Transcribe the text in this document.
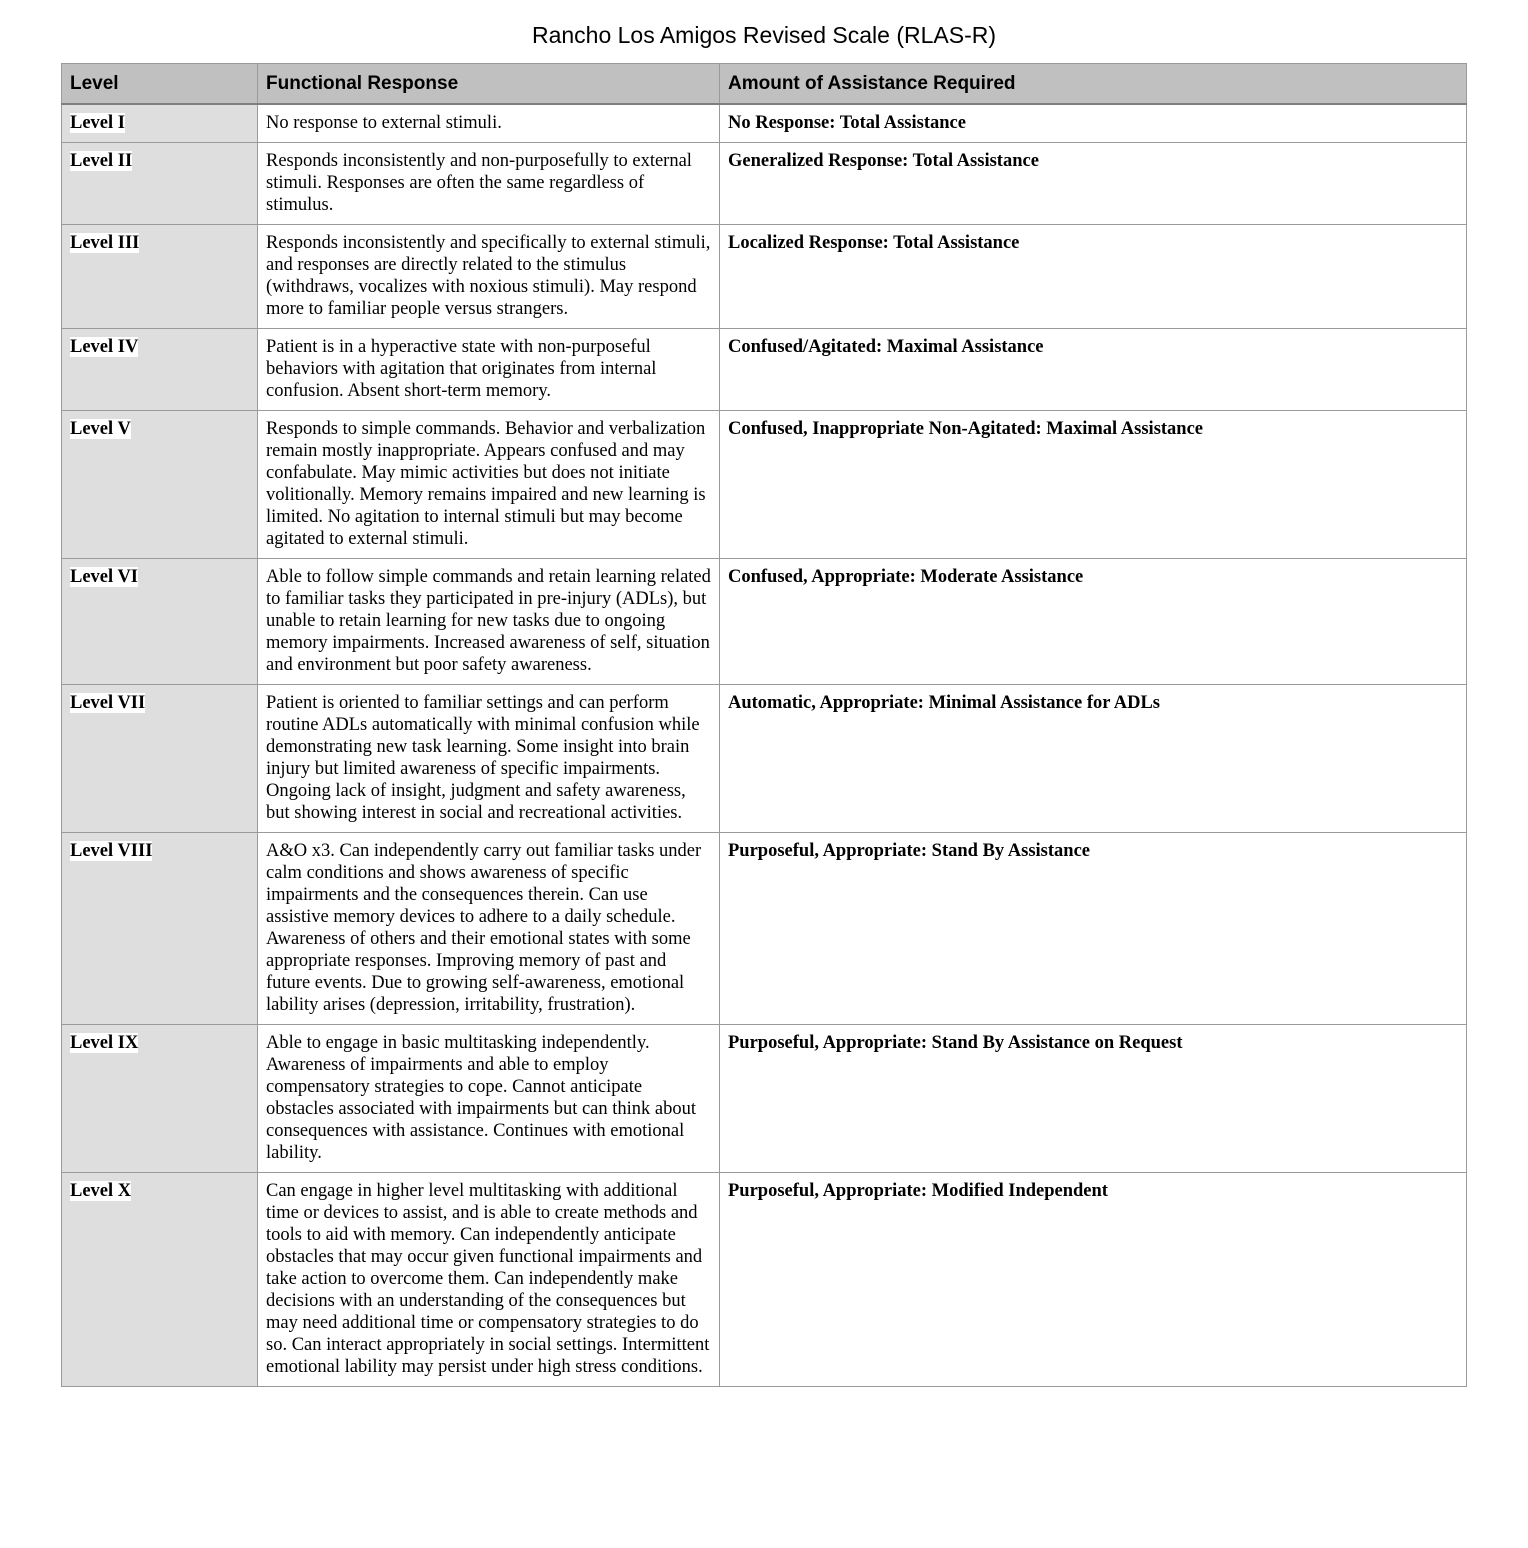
Rancho Los Amigos Revised Scale (RLAS-R)
Level	Functional Response	Amount of Assistance Required
Level I	No response to external stimuli.	No Response: Total Assistance
Level II	Responds inconsistently and non-purposefully to external stimuli. Responses are often the same regardless of stimulus.	Generalized Response: Total Assistance
Level III	Responds inconsistently and specifically to external stimuli, and responses are directly related to the stimulus (withdraws, vocalizes with noxious stimuli). May respond more to familiar people versus strangers.	Localized Response: Total Assistance
Level IV	Patient is in a hyperactive state with non-purposeful behaviors with agitation that originates from internal confusion. Absent short-term memory.	Confused/Agitated: Maximal Assistance
Level V	Responds to simple commands. Behavior and verbalization remain mostly inappropriate. Appears confused and may confabulate. May mimic activities but does not initiate volitionally. Memory remains impaired and new learning is limited. No agitation to internal stimuli but may become agitated to external stimuli.	Confused, Inappropriate Non-Agitated: Maximal Assistance
Level VI	Able to follow simple commands and retain learning related to familiar tasks they participated in pre-injury (ADLs), but unable to retain learning for new tasks due to ongoing memory impairments. Increased awareness of self, situation and environment but poor safety awareness.	Confused, Appropriate: Moderate Assistance
Level VII	Patient is oriented to familiar settings and can perform routine ADLs automatically with minimal confusion while demonstrating new task learning. Some insight into brain injury but limited awareness of specific impairments. Ongoing lack of insight, judgment and safety awareness, but showing interest in social and recreational activities.	Automatic, Appropriate: Minimal Assistance for ADLs
Level VIII	A&O x3. Can independently carry out familiar tasks under calm conditions and shows awareness of specific impairments and the consequences therein. Can use assistive memory devices to adhere to a daily schedule. Awareness of others and their emotional states with some appropriate responses. Improving memory of past and future events. Due to growing self-awareness, emotional lability arises (depression, irritability, frustration).	Purposeful, Appropriate: Stand By Assistance
Level IX	Able to engage in basic multitasking independently. Awareness of impairments and able to employ compensatory strategies to cope. Cannot anticipate obstacles associated with impairments but can think about consequences with assistance. Continues with emotional lability.	Purposeful, Appropriate: Stand By Assistance on Request
Level X	Can engage in higher level multitasking with additional time or devices to assist, and is able to create methods and tools to aid with memory. Can independently anticipate obstacles that may occur given functional impairments and take action to overcome them. Can independently make decisions with an understanding of the consequences but may need additional time or compensatory strategies to do so. Can interact appropriately in social settings. Intermittent emotional lability may persist under high stress conditions.	Purposeful, Appropriate: Modified Independent
